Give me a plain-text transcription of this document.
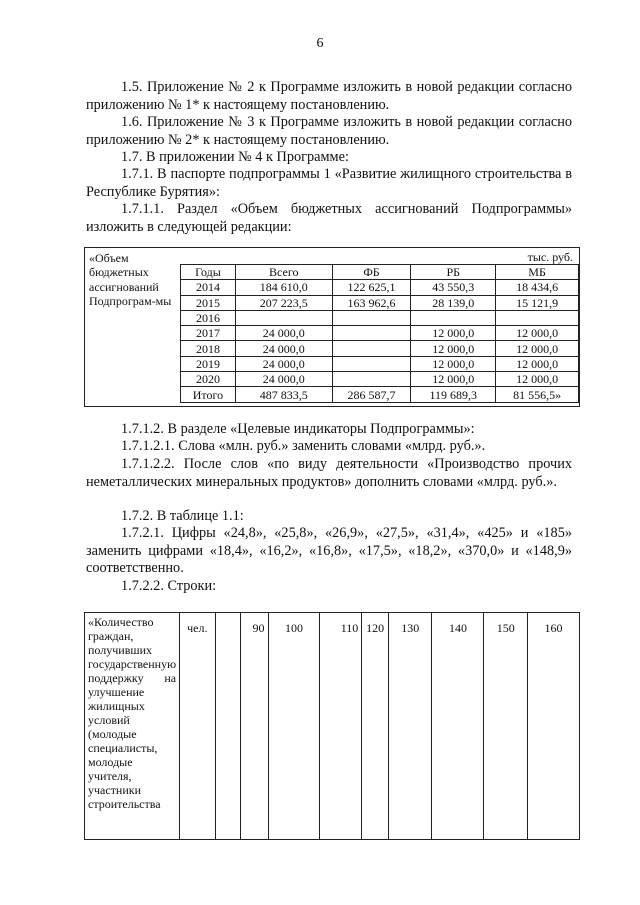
6

1.5. Приложение № 2 к Программе изложить в новой редакции согласно приложению № 1* к настоящему постановлению.

1.6. Приложение № 3 к Программе изложить в новой редакции согласно приложению № 2* к настоящему постановлению.

1.7. В приложении № 4 к Программе:

1.7.1. В паспорте подпрограммы 1 «Развитие жилищного строительства в Республике Бурятия»:

1.7.1.1. Раздел «Объем бюджетных ассигнований Подпрограммы» изложить в следующей редакции:

«Объем бюджетных ассигнований Подпрограм-мы
тыс. руб.
Годы	Всего	ФБ	РБ	МБ
2014	184 610,0	122 625,1	43 550,3	18 434,6
2015	207 223,5	163 962,6	28 139,0	15 121,9
2016				
2017	24 000,0		12 000,0	12 000,0
2018	24 000,0		12 000,0	12 000,0
2019	24 000,0		12 000,0	12 000,0
2020	24 000,0		12 000,0	12 000,0
Итого	487 833,5	286 587,7	119 689,3	81 556,5»

1.7.1.2. В разделе «Целевые индикаторы Подпрограммы»:

1.7.1.2.1. Слова «млн. руб.» заменить словами «млрд. руб.».

1.7.1.2.2. После слов «по виду деятельности «Производство прочих неметаллических минеральных продуктов» дополнить словами «млрд. руб.».

1.7.2. В таблице 1.1:

1.7.2.1. Цифры «24,8», «25,8», «26,9», «27,5», «31,4», «425» и «185» заменить цифрами «18,4», «16,2», «16,8», «17,5», «18,2», «370,0» и «148,9» соответственно.

1.7.2.2. Строки:

«Количество граждан, получивших государственную поддержку на улучшение жилищных условий (молодые специалисты, молодые учителя, участники строительства	чел.		90	100	110	120	130	140	150	160
